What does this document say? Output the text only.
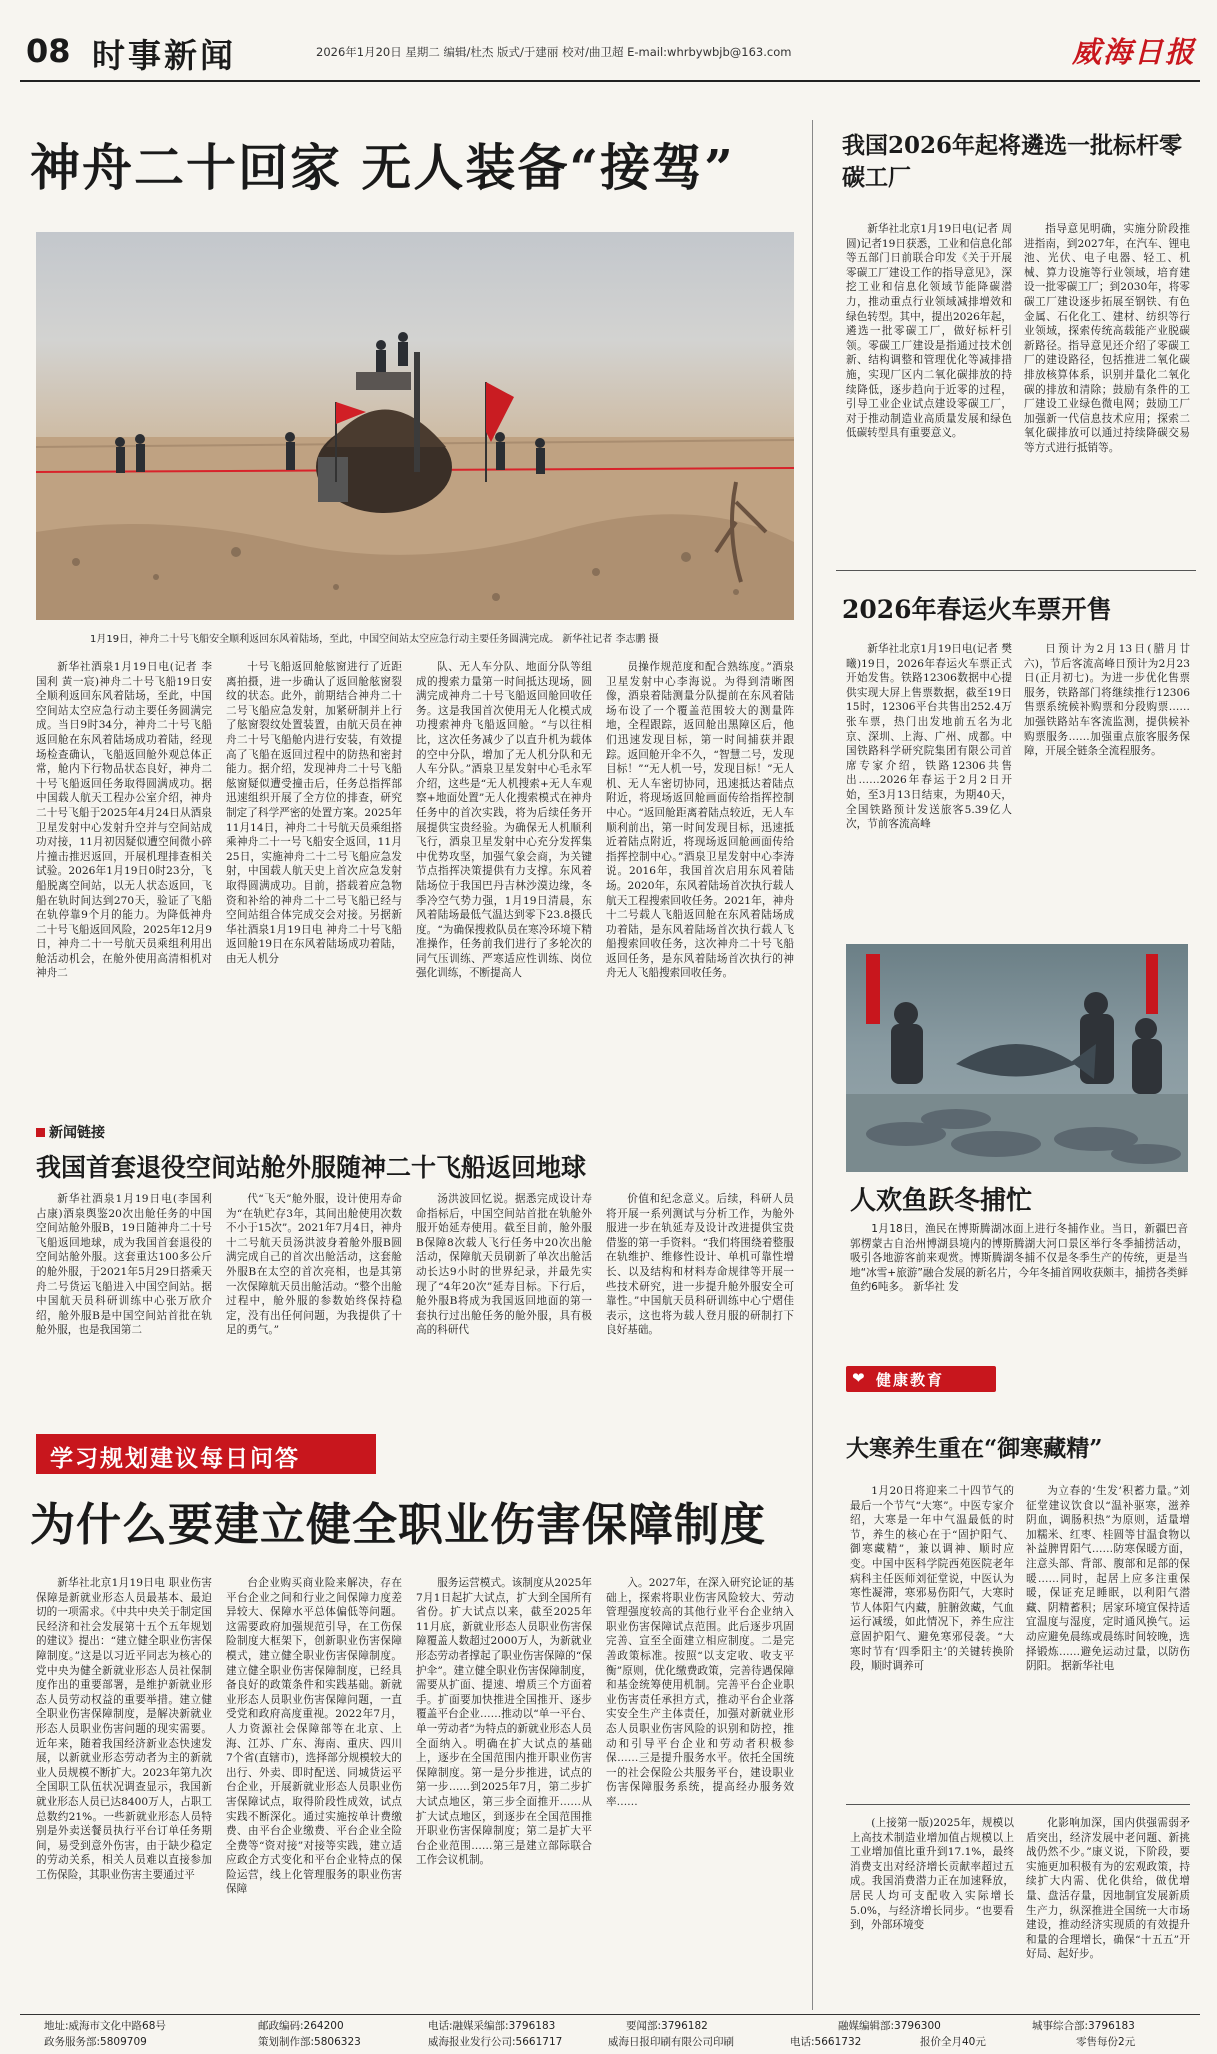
08 时事新闻	2026年1月20日 星期二 编辑/杜杰 版式/于建丽 校对/曲卫超 E-mail:whrbywbjb@163.com	威海日报
神舟二十回家 无人装备“接驾”
1月19日，神舟二十号飞船安全顺利返回东风着陆场，至此，中国空间站太空应急行动主要任务圆满完成。 新华社记者 李志鹏 摄

新华社酒泉1月19日电(记者 李国利 黄一宸)神舟二十号飞船19日安全顺利返回东风着陆场，至此，中国空间站太空应急行动主要任务圆满完成。当日9时34分，神舟二十号飞船返回舱在东风着陆场成功着陆，经现场检查确认，飞船返回舱外观总体正常，舱内下行物品状态良好，神舟二十号飞船返回任务取得圆满成功。据中国载人航天工程办公室介绍，神舟二十号飞船于2025年4月24日从酒泉卫星发射中心发射升空并与空间站成功对接，11月初因疑似遭空间微小碎片撞击推迟返回，开展机理排查相关试验。2026年1月19日0时23分，飞船脱离空间站，以无人状态返回，飞船在轨时间达到270天，验证了飞船在轨停靠9个月的能力。为降低神舟二十号飞船返回风险，2025年12月9日，神舟二十一号航天员乘组利用出舱活动机会，在舱外使用高清相机对神舟二

十号飞船返回舱舷窗进行了近距离拍摄，进一步确认了返回舱舷窗裂纹的状态。此外，前期结合神舟二十二号飞船应急发射，加紧研制并上行了舷窗裂纹处置装置，由航天员在神舟二十号飞船舱内进行安装，有效提高了飞船在返回过程中的防热和密封能力。据介绍，发现神舟二十号飞船舷窗疑似遭受撞击后，任务总指挥部迅速组织开展了全方位的排查，研究制定了科学严密的处置方案。2025年11月14日，神舟二十号航天员乘组搭乘神舟二十一号飞船安全返回，11月25日，实施神舟二十二号飞船应急发射，中国载人航天史上首次应急发射取得圆满成功。目前，搭载着应急物资和补给的神舟二十二号飞船已经与空间站组合体完成交会对接。另据新华社酒泉1月19日电 神舟二十号飞船返回舱19日在东风着陆场成功着陆，由无人机分

队、无人车分队、地面分队等组成的搜索力量第一时间抵达现场，圆满完成神舟二十号飞船返回舱回收任务。这是我国首次使用无人化模式成功搜索神舟飞船返回舱。“与以往相比，这次任务减少了以直升机为载体的空中分队，增加了无人机分队和无人车分队。”酒泉卫星发射中心毛永军介绍，这些是“无人机搜索+无人车观察+地面处置”无人化搜索模式在神舟任务中的首次实践，将为后续任务开展提供宝贵经验。为确保无人机顺利飞行，酒泉卫星发射中心充分发挥集中优势攻坚，加强气象会商，为关键节点指挥决策提供有力支撑。东风着陆场位于我国巴丹吉林沙漠边缘，冬季冷空气势力强，1月19日清晨，东风着陆场最低气温达到零下23.8摄氏度。“为确保搜救队员在寒冷环境下精准操作，任务前我们进行了多轮次的同气压训练、严寒适应性训练、岗位强化训练，不断提高人

员操作规范度和配合熟练度。”酒泉卫星发射中心李海说。为得到清晰图像，酒泉着陆测量分队提前在东风着陆场布设了一个覆盖范围较大的测量阵地，全程跟踪，返回舱出黑障区后，他们迅速发现目标，第一时间捕获并跟踪。返回舱开伞不久，“智慧二号，发现目标！”“无人机一号，发现目标！”无人机、无人车密切协同，迅速抵达着陆点附近，将现场返回舱画面传给指挥控制中心。“返回舱距离着陆点较近，无人车顺利前出，第一时间发现目标，迅速抵近着陆点附近，将现场返回舱画面传给指挥控制中心。”酒泉卫星发射中心李涛说。2016年，我国首次启用东风着陆场。2020年，东风着陆场首次执行载人航天工程搜索回收任务。2021年，神舟十二号载人飞船返回舱在东风着陆场成功着陆，是东风着陆场首次执行载人飞船搜索回收任务，这次神舟二十号飞船返回任务，是东风着陆场首次执行的神舟无人飞船搜索回收任务。

新闻链接
我国首套退役空间站舱外服随神二十飞船返回地球

新华社酒泉1月19日电(李国利 占康)酒泉舆鉴20次出舱任务的中国空间站舱外服B，19日随神舟二十号飞船返回地球，成为我国首套退役的空间站舱外服。这套重达100多公斤的舱外服，于2021年5月29日搭乘天舟二号货运飞船进入中国空间站。据中国航天员科研训练中心张万欣介绍，舱外服B是中国空间站首批在轨舱外服，也是我国第二

代“飞天”舱外服，设计使用寿命为“在轨贮存3年，其间出舱使用次数不小于15次”。2021年7月4日，神舟十二号航天员汤洪波身着舱外服B圆满完成自己的首次出舱活动，这套舱外服B在太空的首次亮相，也是其第一次保障航天员出舱活动。“整个出舱过程中，舱外服的参数始终保持稳定，没有出任何问题，为我提供了十足的勇气。”

汤洪波回忆说。据悉完成设计寿命指标后，中国空间站首批在轨舱外服开始延寿使用。截至目前，舱外服B保障8次载人飞行任务中20次出舱活动，保障航天员刷新了单次出舱活动长达9小时的世界纪录，并最先实现了“4年20次”延寿目标。下行后，舱外服B将成为我国返回地面的第一套执行过出舱任务的舱外服，具有极高的科研代

价值和纪念意义。后续，科研人员将开展一系列测试与分析工作，为舱外服进一步在轨延寿及设计改进提供宝贵借鉴的第一手资料。“我们将围绕着整服在轨维护、维修性设计、单机可靠性增长、以及结构和材料寿命规律等开展一些技术研究，进一步提升舱外服安全可靠性。”中国航天员科研训练中心宁熠佳表示，这也将为载人登月服的研制打下良好基础。

学习规划建议每日问答
为什么要建立健全职业伤害保障制度

新华社北京1月19日电 职业伤害保障是新就业形态人员最基本、最迫切的一项需求。《中共中央关于制定国民经济和社会发展第十五个五年规划的建议》提出：“建立健全职业伤害保障制度。”这是以习近平同志为核心的党中央为健全新就业形态人员社保制度作出的重要部署，是维护新就业形态人员劳动权益的重要举措。建立健全职业伤害保障制度，是解决新就业形态人员职业伤害问题的现实需要。近年来，随着我国经济新业态快速发展，以新就业形态劳动者为主的新就业人员规模不断扩大。2023年第九次全国职工队伍状况调查显示，我国新就业形态人员已达8400万人，占职工总数约21%。一些新就业形态人员特别是外卖送餐员执行平台订单任务期间，易受到意外伤害，由于缺少稳定的劳动关系，相关人员难以直接参加工伤保险，其职业伤害主要通过平

台企业购买商业险来解决，存在平台企业之间和行业之间保障力度差异较大、保障水平总体偏低等问题。这需要政府加强规范引导，在工伤保险制度大框架下，创新职业伤害保障模式，建立健全职业伤害保障制度。建立健全职业伤害保障制度，已经具备良好的政策条件和实践基础。新就业形态人员职业伤害保障问题，一直受党和政府高度重视。2022年7月，人力资源社会保障部等在北京、上海、江苏、广东、海南、重庆、四川7个省(直辖市)，选择部分规模较大的出行、外卖、即时配送、同城货运平台企业，开展新就业形态人员职业伤害保障试点，取得阶段性成效，试点实践不断深化。通过实施按单计费缴费、由平台企业缴费、平台企业全险全费等“资对接”对接等实践，建立适应政企方式变化和平台企业特点的保险运营，线上化管理服务的职业伤害保障

服务运营模式。该制度从2025年7月1日起扩大试点，扩大到全国所有省份。扩大试点以来，截至2025年11月底，新就业形态人员职业伤害保障覆盖人数超过2000万人，为新就业形态劳动者撑起了职业伤害保障的“保护伞”。建立健全职业伤害保障制度，需要从扩面、提速、增质三个方面着手。扩面要加快推进全国推开、逐步覆盖平台企业……推动以“单一平台、单一劳动者”为特点的新就业形态人员全面纳入。明确在扩大试点的基础上，逐步在全国范围内推开职业伤害保障制度。第一是分步推进，试点的第一步……到2025年7月，第二步扩大试点地区，第三步全面推开……从扩大试点地区，到逐步在全国范围推开职业伤害保障制度；第二是扩大平台企业范围……第三是建立部际联合工作会议机制。

入。2027年，在深入研究论证的基础上，探索将职业伤害风险较大、劳动管理强度较高的其他行业平台企业纳入职业伤害保障试点范围。此后逐步巩固完善、宣至全面建立相应制度。二是完善政策标准。按照“以支定收、收支平衡”原则，优化缴费政策，完善待遇保障和基金统筹使用机制。完善平台企业职业伤害责任承担方式，推动平台企业落实安全生产主体责任，加强对新就业形态人员职业伤害风险的识别和防控，推动和引导平台企业和劳动者积极参保……三是提升服务水平。依托全国统一的社会保险公共服务平台，建设职业伤害保障服务系统，提高经办服务效率……

我国2026年起将遴选一批标杆零碳工厂

新华社北京1月19日电(记者 周圆)记者19日获悉，工业和信息化部等五部门日前联合印发《关于开展零碳工厂建设工作的指导意见》，深挖工业和信息化领域节能降碳潜力，推动重点行业领域减排增效和绿色转型。其中，提出2026年起，遴选一批零碳工厂，做好标杆引领。零碳工厂建设是指通过技术创新、结构调整和管理优化等减排措施，实现厂区内二氧化碳排放的持续降低，逐步趋向于近零的过程，引导工业企业试点建设零碳工厂，对于推动制造业高质量发展和绿色低碳转型具有重要意义。

指导意见明确，实施分阶段推进指南，到2027年，在汽车、锂电池、光伏、电子电器、轻工、机械、算力设施等行业领域，培育建设一批零碳工厂；到2030年，将零碳工厂建设逐步拓展至钢铁、有色金属、石化化工、建材、纺织等行业领域，探索传统高载能产业脱碳新路径。指导意见还介绍了零碳工厂的建设路径，包括推进二氧化碳排放核算体系，识别并量化二氧化碳的排放和清除；鼓励有条件的工厂建设工业绿色微电网；鼓励工厂加强新一代信息技术应用；探索二氧化碳排放可以通过持续降碳交易等方式进行抵销等。

2026年春运火车票开售

新华社北京1月19日电(记者 樊曦)19日，2026年春运火车票正式开始发售。铁路12306数据中心提供实现大屏上售票数据，截至19日15时，12306平台共售出252.4万张车票，热门出发地前五名为北京、深圳、上海、广州、成都。中国铁路科学研究院集团有限公司首席专家介绍，铁路12306共售出……2026年春运于2月2日开始，至3月13日结束，为期40天，全国铁路预计发送旅客5.39亿人次，节前客流高峰

日预计为2月13日(腊月廿六)，节后客流高峰日预计为2月23日(正月初七)。为进一步优化售票服务，铁路部门将继续推行12306售票系统候补购票和分段购票……加强铁路站车客流监测，提供候补购票服务……加强重点旅客服务保障，开展全链条全流程服务。

人欢鱼跃冬捕忙

1月18日，渔民在博斯腾湖冰面上进行冬捕作业。当日，新疆巴音郭楞蒙古自治州博湖县境内的博斯腾湖大河口景区举行冬季捕捞活动，吸引各地游客前来观赏。博斯腾湖冬捕不仅是冬季生产的传统，更是当地“冰雪+旅游”融合发展的新名片，今年冬捕首网收获颇丰，捕捞各类鲜鱼约6吨多。 新华社 发

❤ 健康教育
大寒养生重在“御寒藏精”

1月20日将迎来二十四节气的最后一个节气“大寒”。中医专家介绍，大寒是一年中气温最低的时节，养生的核心在于“固护阳气、御寒藏精”，兼以调神、顺时应变。中国中医科学院西苑医院老年病科主任医师刘征堂说，中医认为寒性凝滞，寒邪易伤阳气，大寒时节人体阳气内藏，脏腑敛藏，气血运行减缓，如此情况下，养生应注意固护阳气、避免寒邪侵袭。“大寒时节有‘四季阳主’的关键转换阶段，顺时调养可

为立春的‘生发’积蓄力量。”刘征堂建议饮食以“温补驱寒，滋养阴血，调肠积热”为原则，适量增加糯米、红枣、桂圆等甘温食物以补益脾胃阳气……防寒保暖方面，注意头部、背部、腹部和足部的保暖……同时，起居上应多注重保暖，保证充足睡眠，以利阳气潜藏、阴精蓄积；居家环境宜保持适宜温度与湿度，定时通风换气。运动应避免晨练或晨练时间较晚，选择锻炼……避免运动过量，以防伤阴阳。 据新华社电

(上接第一版)2025年，规模以上高技术制造业增加值占规模以上工业增加值比重升到17.1%，最终消费支出对经济增长贡献率超过五成。我国消费潜力正在加速释放，居民人均可支配收入实际增长5.0%，与经济增长同步。“也要看到，外部环境变

化影响加深，国内供强需弱矛盾突出，经济发展中老问题、新挑战仍然不少。”康义说，下阶段，要实施更加积极有为的宏观政策，持续扩大内需、优化供给，做优增量、盘活存量，因地制宜发展新质生产力，纵深推进全国统一大市场建设，推动经济实现质的有效提升和量的合理增长，确保“十五五”开好局、起好步。

地址:威海市文化中路68号	邮政编码:264200	电话:融媒采编部:3796183	要闻部:3796182	融媒编辑部:3796300	城事综合部:3796183
政务服务部:5809709	策划制作部:5806323	威海报业发行公司:5661717	威海日报印刷有限公司印刷	电话:5661732	报价全月40元	零售每份2元
